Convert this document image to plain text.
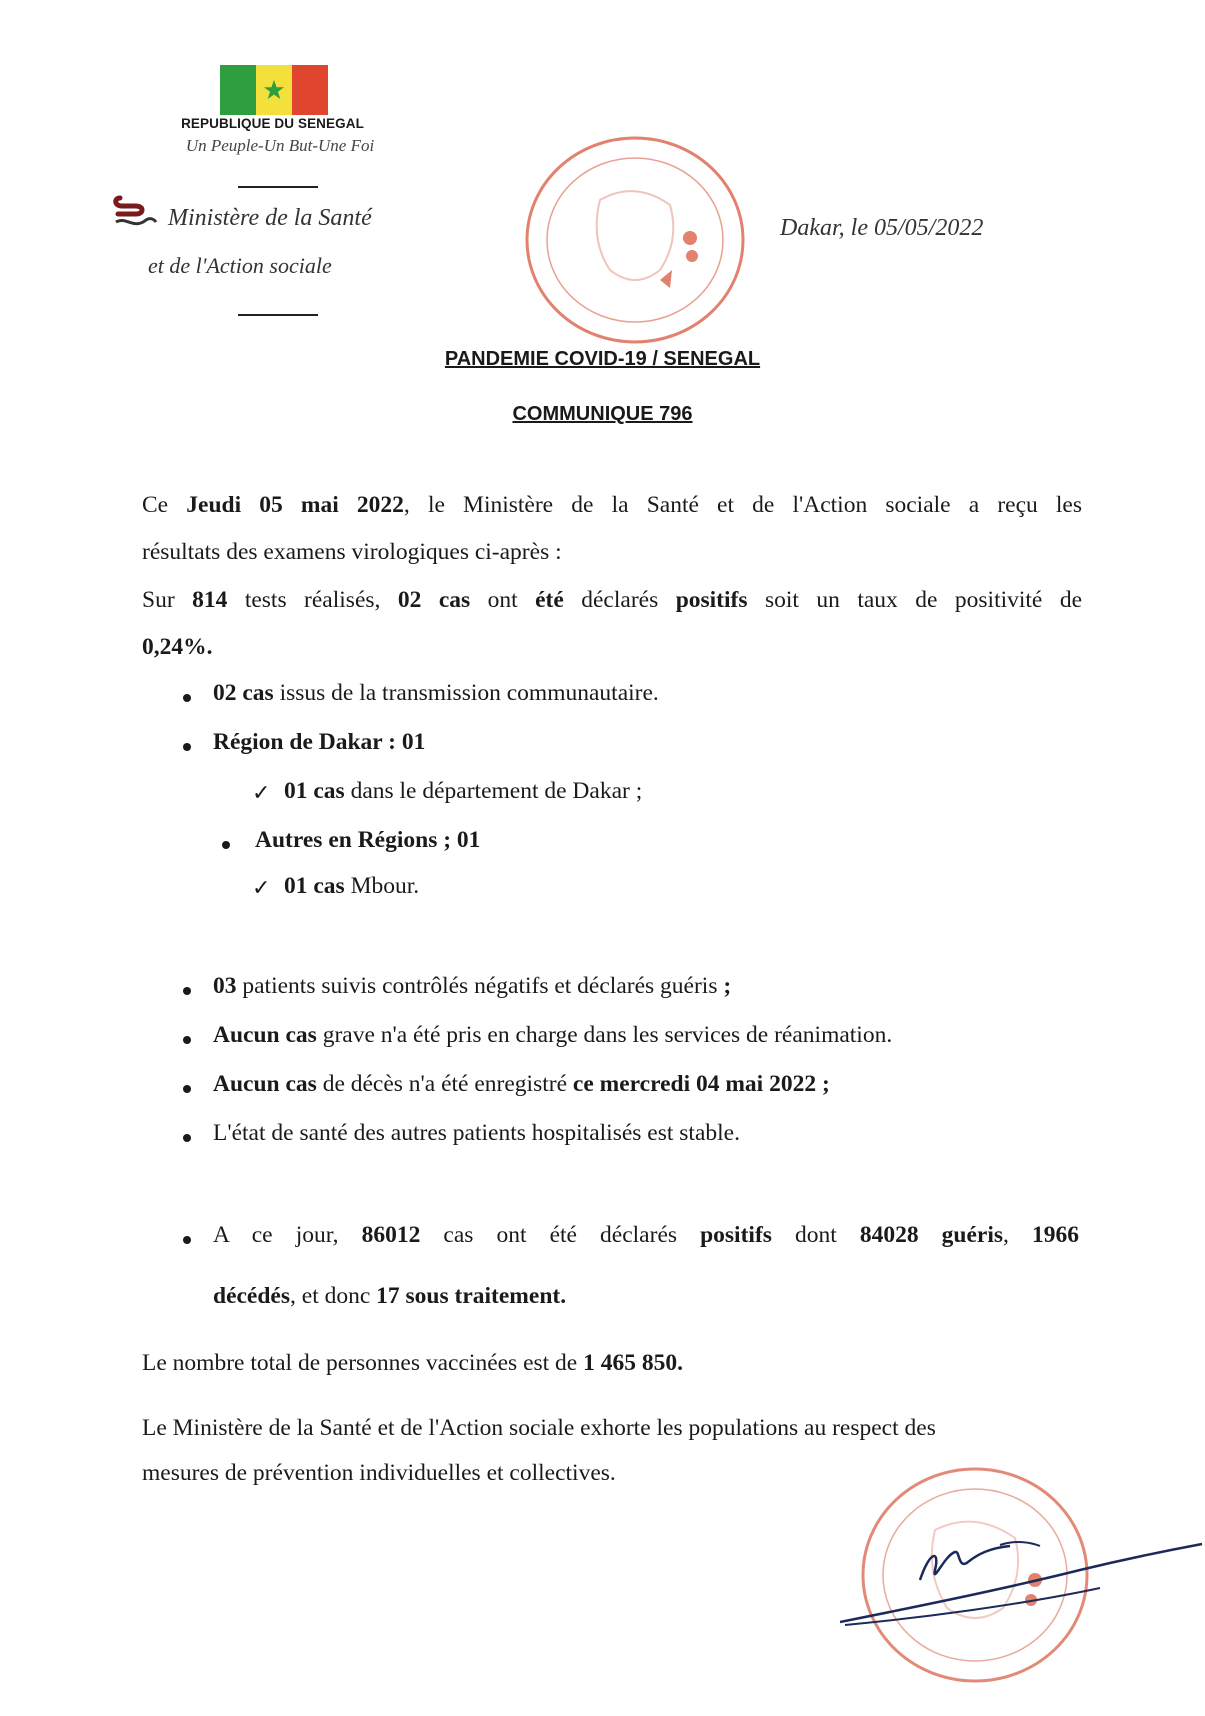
REPUBLIQUE DU SENEGAL
Un Peuple-Un But-Une Foi
Ministère de la Santé
et de l'Action sociale
Dakar, le 05/05/2022
PANDEMIE COVID-19 / SENEGAL
COMMUNIQUE 796
Ce Jeudi 05 mai 2022, le Ministère de la Santé et de l'Action sociale a reçu les
résultats des examens virologiques ci-après :
Sur 814 tests réalisés, 02 cas ont été déclarés positifs soit un taux de positivité de
0,24%.
02 cas issus de la transmission communautaire.
Région de Dakar : 01
✓ 01 cas dans le département de Dakar ;
Autres en Régions ; 01
✓ 01 cas Mbour.
03 patients suivis contrôlés négatifs et déclarés guéris ;
Aucun cas grave n'a été pris en charge dans les services de réanimation.
Aucun cas de décès n'a été enregistré ce mercredi 04 mai 2022 ;
L'état de santé des autres patients hospitalisés est stable.
A ce jour, 86012 cas ont été déclarés positifs dont 84028 guéris, 1966
décédés, et donc 17 sous traitement.
Le nombre total de personnes vaccinées est de 1 465 850.
Le Ministère de la Santé et de l'Action sociale exhorte les populations au respect des
mesures de prévention individuelles et collectives.
